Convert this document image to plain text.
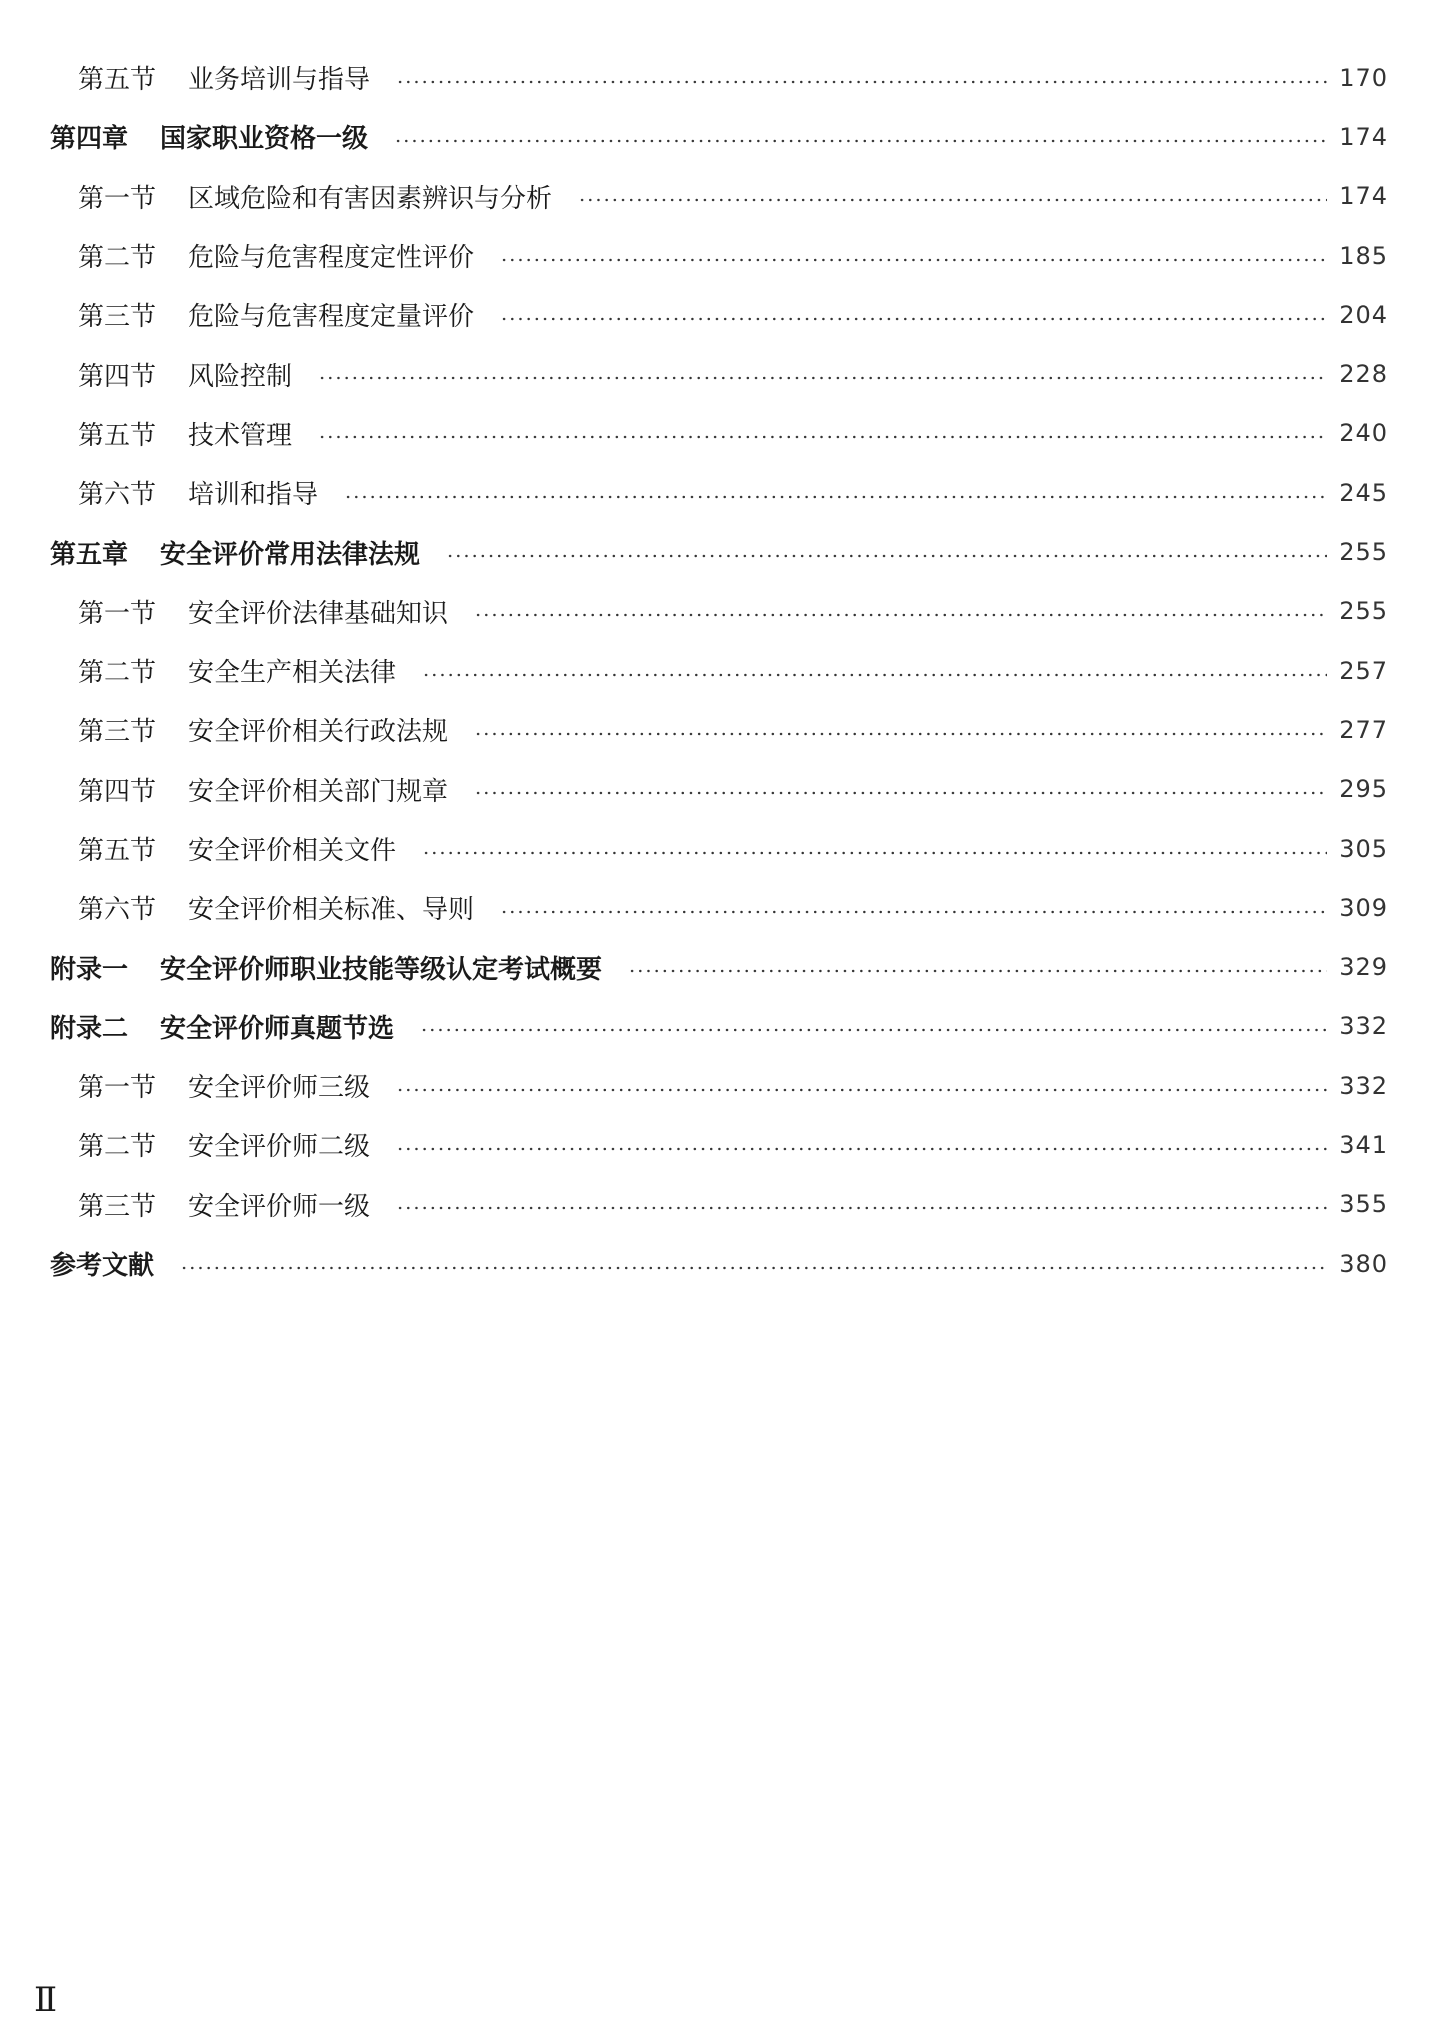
第五节 业务培训与指导	170
第四章 国家职业资格一级	174
第一节 区域危险和有害因素辨识与分析	174
第二节 危险与危害程度定性评价	185
第三节 危险与危害程度定量评价	204
第四节 风险控制	228
第五节 技术管理	240
第六节 培训和指导	245
第五章 安全评价常用法律法规	255
第一节 安全评价法律基础知识	255
第二节 安全生产相关法律	257
第三节 安全评价相关行政法规	277
第四节 安全评价相关部门规章	295
第五节 安全评价相关文件	305
第六节 安全评价相关标准、导则	309
附录一 安全评价师职业技能等级认定考试概要	329
附录二 安全评价师真题节选	332
第一节 安全评价师三级	332
第二节 安全评价师二级	341
第三节 安全评价师一级	355
参考文献	380
Ⅱ
